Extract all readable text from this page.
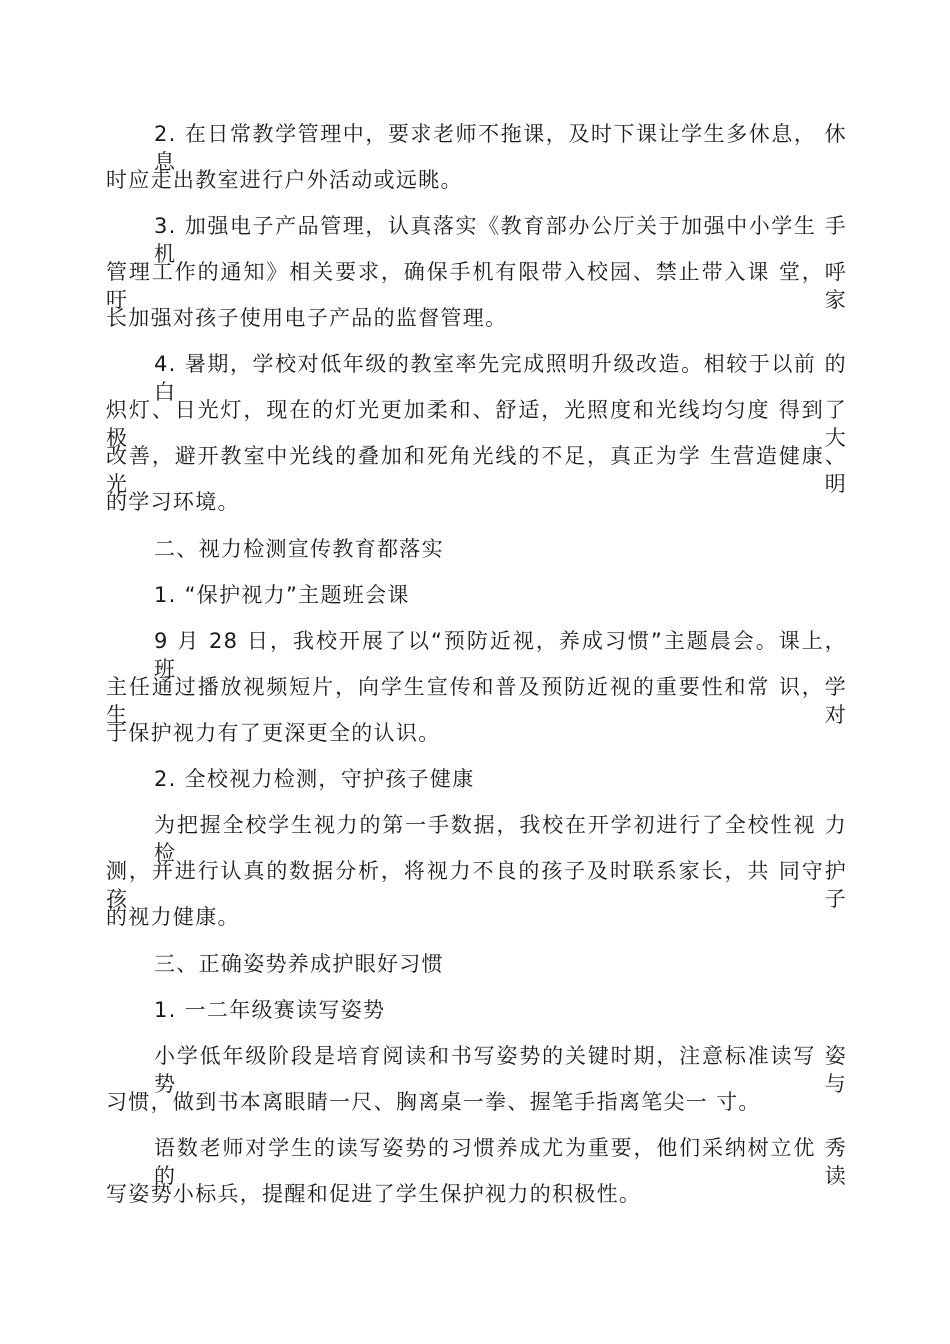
2. 在日常教学管理中，要求老师不拖课，及时下课让学生多休息， 休息
时应走出教室进行户外活动或远眺。
3. 加强电子产品管理，认真落实《教育部办公厅关于加强中小学生 手机
管理工作的通知》相关要求，确保手机有限带入校园、禁止带入课 堂，呼吁家
长加强对孩子使用电子产品的监督管理。
4. 暑期，学校对低年级的教室率先完成照明升级改造。相较于以前 的白
炽灯、日光灯，现在的灯光更加柔和、舒适，光照度和光线均匀度 得到了极大
改善，避开教室中光线的叠加和死角光线的不足，真正为学 生营造健康、光明
的学习环境。
二、视力检测宣传教育都落实
1. “保护视力”主题班会课
9 月 28 日，我校开展了以“预防近视，养成习惯”主题晨会。课上， 班
主任通过播放视频短片，向学生宣传和普及预防近视的重要性和常 识，学生对
于保护视力有了更深更全的认识。
2. 全校视力检测，守护孩子健康
为把握全校学生视力的第一手数据，我校在开学初进行了全校性视 力检
测，并进行认真的数据分析，将视力不良的孩子及时联系家长，共 同守护孩子
的视力健康。
三、正确姿势养成护眼好习惯
1. 一二年级赛读写姿势
小学低年级阶段是培育阅读和书写姿势的关键时期，注意标准读写 姿势与
习惯，做到书本离眼睛一尺、胸离桌一拳、握笔手指离笔尖一 寸。
语数老师对学生的读写姿势的习惯养成尤为重要，他们采纳树立优 秀的读
写姿势小标兵，提醒和促进了学生保护视力的积极性。
